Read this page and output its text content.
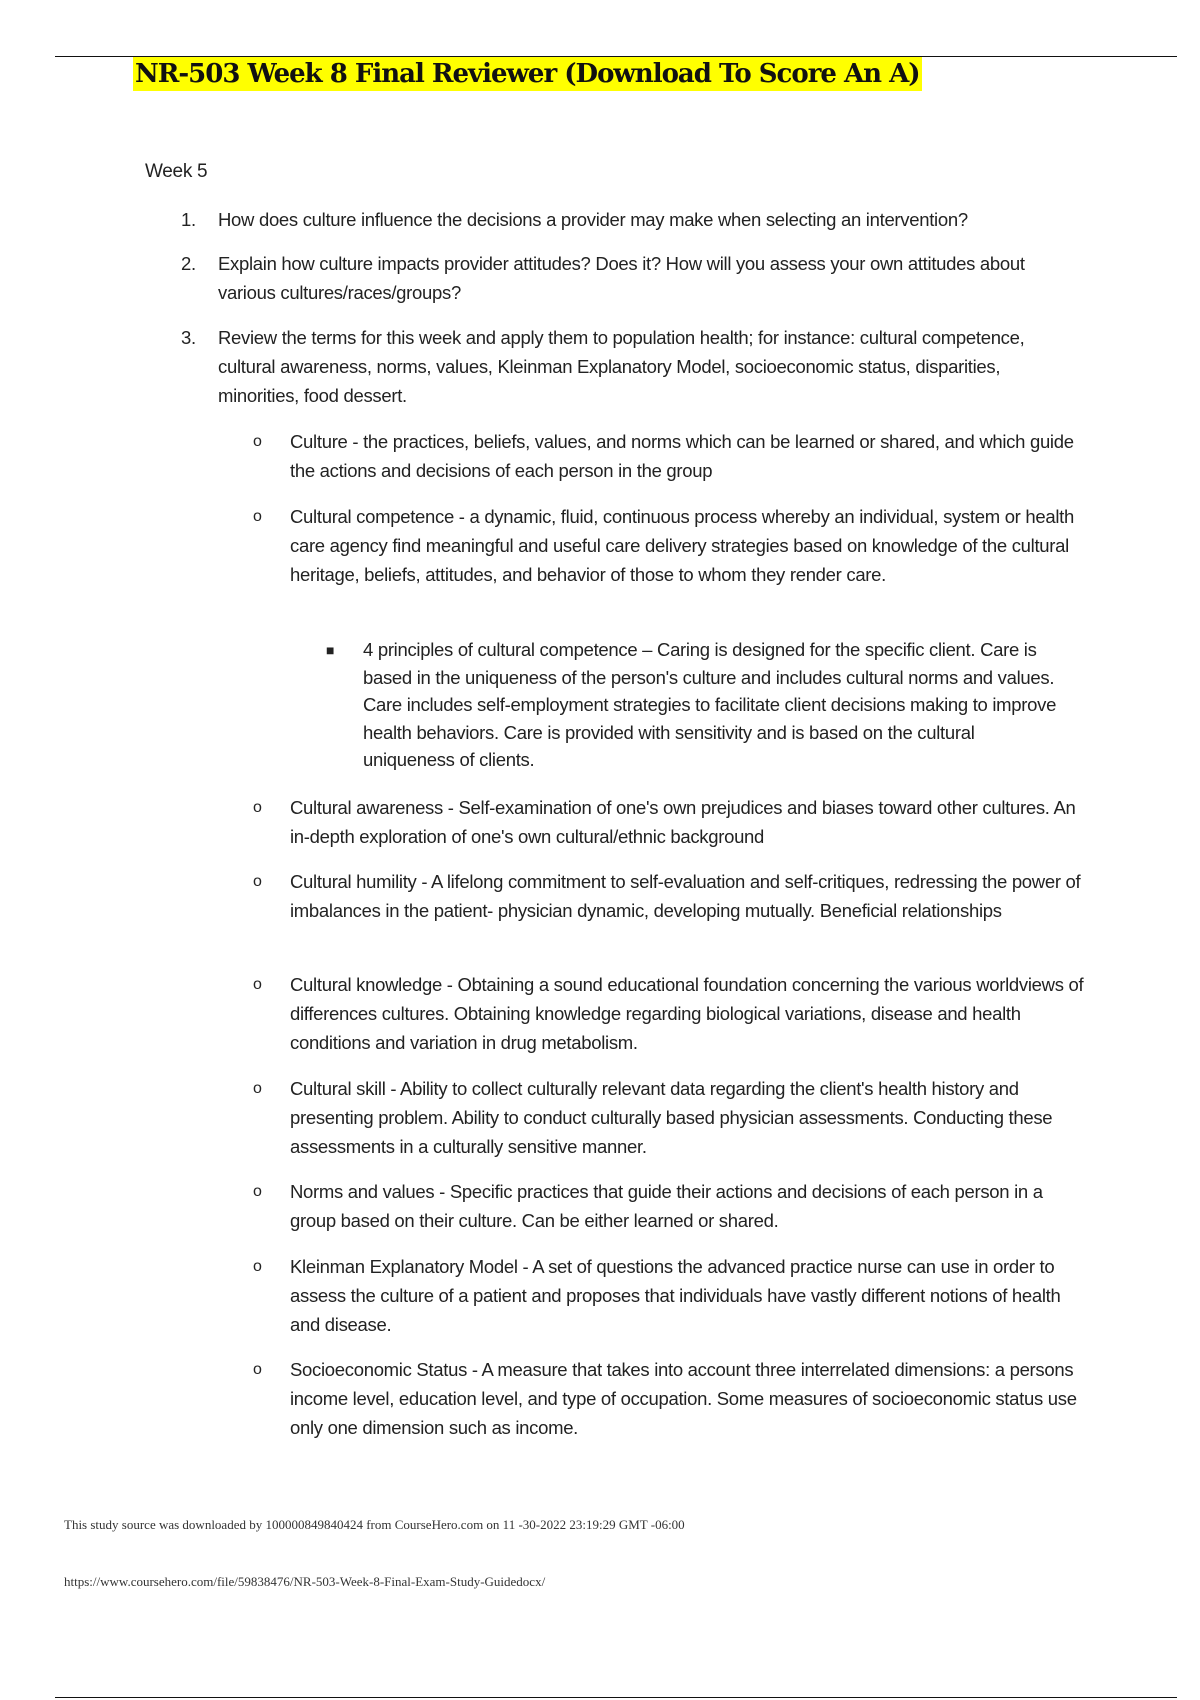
NR-503 Week 8 Final Reviewer (Download To Score An A)
Week 5
1.	How does culture influence the decisions a provider may make when selecting an intervention?
2.	Explain how culture impacts provider attitudes? Does it? How will you assess your own attitudes about various cultures/races/groups?
3.	Review the terms for this week and apply them to population health; for instance: cultural competence, cultural awareness, norms, values, Kleinman Explanatory Model, socioeconomic status, disparities, minorities, food dessert.
o	Culture - the practices, beliefs, values, and norms which can be learned or shared, and which guide the actions and decisions of each person in the group
o	Cultural competence - a dynamic, fluid, continuous process whereby an individual, system or health care agency find meaningful and useful care delivery strategies based on knowledge of the cultural heritage, beliefs, attitudes, and behavior of those to whom they render care.
■	4 principles of cultural competence – Caring is designed for the specific client. Care is based in the uniqueness of the person's culture and includes cultural norms and values. Care includes self-employment strategies to facilitate client decisions making to improve health behaviors. Care is provided with sensitivity and is based on the cultural uniqueness of clients.
o	Cultural awareness - Self-examination of one's own prejudices and biases toward other cultures. An in-depth exploration of one's own cultural/ethnic background
o	Cultural humility - A lifelong commitment to self-evaluation and self-critiques, redressing the power of imbalances in the patient- physician dynamic, developing mutually. Beneficial relationships
o	Cultural knowledge - Obtaining a sound educational foundation concerning the various worldviews of differences cultures. Obtaining knowledge regarding biological variations, disease and health conditions and variation in drug metabolism.
o	Cultural skill - Ability to collect culturally relevant data regarding the client's health history and presenting problem. Ability to conduct culturally based physician assessments. Conducting these assessments in a culturally sensitive manner.
o	Norms and values - Specific practices that guide their actions and decisions of each person in a group based on their culture. Can be either learned or shared.
o	Kleinman Explanatory Model - A set of questions the advanced practice nurse can use in order to assess the culture of a patient and proposes that individuals have vastly different notions of health and disease.
o	Socioeconomic Status - A measure that takes into account three interrelated dimensions: a persons income level, education level, and type of occupation. Some measures of socioeconomic status use only one dimension such as income.
This study source was downloaded by 100000849840424 from CourseHero.com on 11 -30-2022 23:19:29 GMT -06:00
https://www.coursehero.com/file/59838476/NR-503-Week-8-Final-Exam-Study-Guidedocx/
